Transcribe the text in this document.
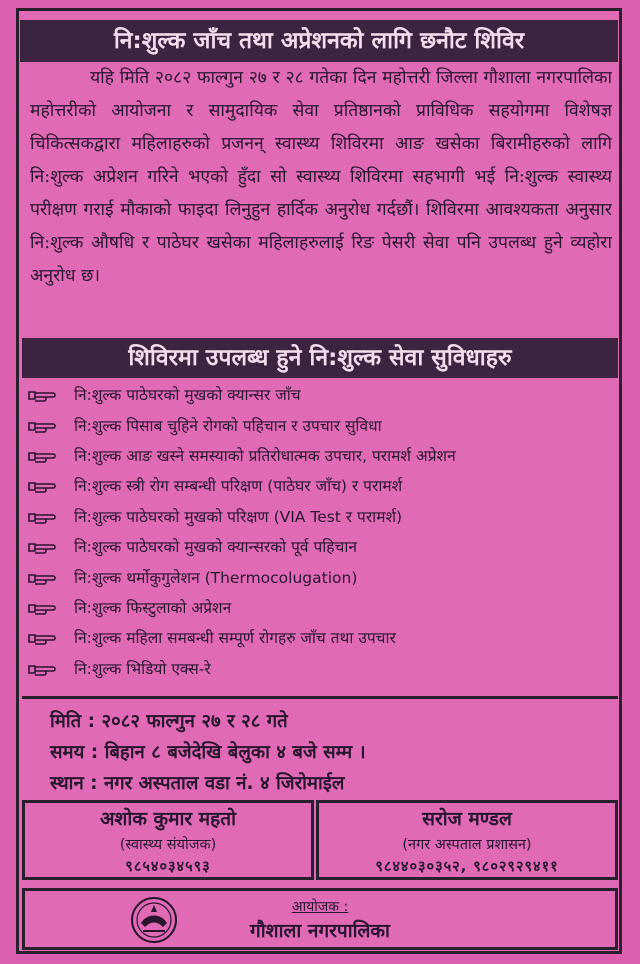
नि:शुल्क जाँच तथा अप्रेशनको लागि छनौट शिविर
यहि मिति २०८२ फाल्गुन २७ र २८ गतेका दिन महोत्तरी जिल्ला गौशाला नगरपालिका महोत्तरीको आयोजना र सामुदायिक सेवा प्रतिष्ठानको प्राविधिक सहयोगमा विशेषज्ञ चिकित्सकद्वारा महिलाहरुको प्रजनन् स्वास्थ्य शिविरमा आङ खसेका बिरामीहरुको लागि नि:शुल्क अप्रेशन गरिने भएको हुँदा सो स्वास्थ्य शिविरमा सहभागी भई नि:शुल्क स्वास्थ्य परीक्षण गराई मौकाको फाइदा लिनुहुन हार्दिक अनुरोध गर्दछौं। शिविरमा आवश्यकता अनुसार नि:शुल्क औषधि र पाठेघर खसेका महिलाहरुलाई रिङ पेसरी सेवा पनि उपलब्ध हुने व्यहोरा अनुरोध छ।
शिविरमा उपलब्ध हुने नि:शुल्क सेवा सुविधाहरु
नि:शुल्क पाठेघरको मुखको क्यान्सर जाँच
नि:शुल्क पिसाब चुहिने रोगको पहिचान र उपचार सुविधा
नि:शुल्क आङ खस्ने समस्याको प्रतिरोधात्मक उपचार, परामर्श अप्रेशन
नि:शुल्क स्त्री रोग सम्बन्धी परिक्षण (पाठेघर जाँच) र परामर्श
नि:शुल्क पाठेघरको मुखको परिक्षण (VIA Test र परामर्श)
नि:शुल्क पाठेघरको मुखको क्यान्सरको पूर्व पहिचान
नि:शुल्क थर्मोकुगुलेशन (Thermocolugation)
नि:शुल्क फिस्टुलाको अप्रेशन
नि:शुल्क महिला समबन्धी सम्पूर्ण रोगहरु जाँच तथा उपचार
नि:शुल्क भिडियो एक्स-रे
मिति : २०८२ फाल्गुन २७ र २८ गते
समय : बिहान ८ बजेदेखि बेलुका ४ बजे सम्म ।
स्थान : नगर अस्पताल वडा नं. ४ जिरोमाईल
अशोक कुमार महतो
(स्वास्थ्य संयोजक)
९८५४०३४५९३
सरोज मण्डल
(नगर अस्पताल प्रशासन)
९८४४०३०३५२, ९८०२९२९४११
आयोजक :
गौशाला नगरपालिका
